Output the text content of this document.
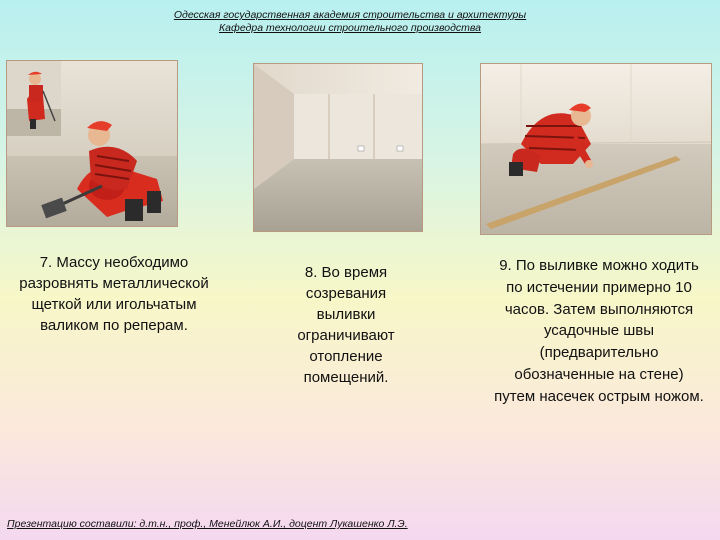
Одесская государственная академия строительства и архитектуры
Кафедра технологии строительного производства
7. Массу необходимо разровнять металлической щеткой или игольчатым валиком по реперам.
8. Во время созревания выливки ограничивают отопление помещений.
9. По выливке можно ходить по истечении примерно 10 часов. Затем выполняются усадочные швы (предварительно обозначенные на стене) путем насечек острым ножом.
Презентацию составили: д.т.н., проф., Менейлюк А.И., доцент Лукашенко Л.Э.
